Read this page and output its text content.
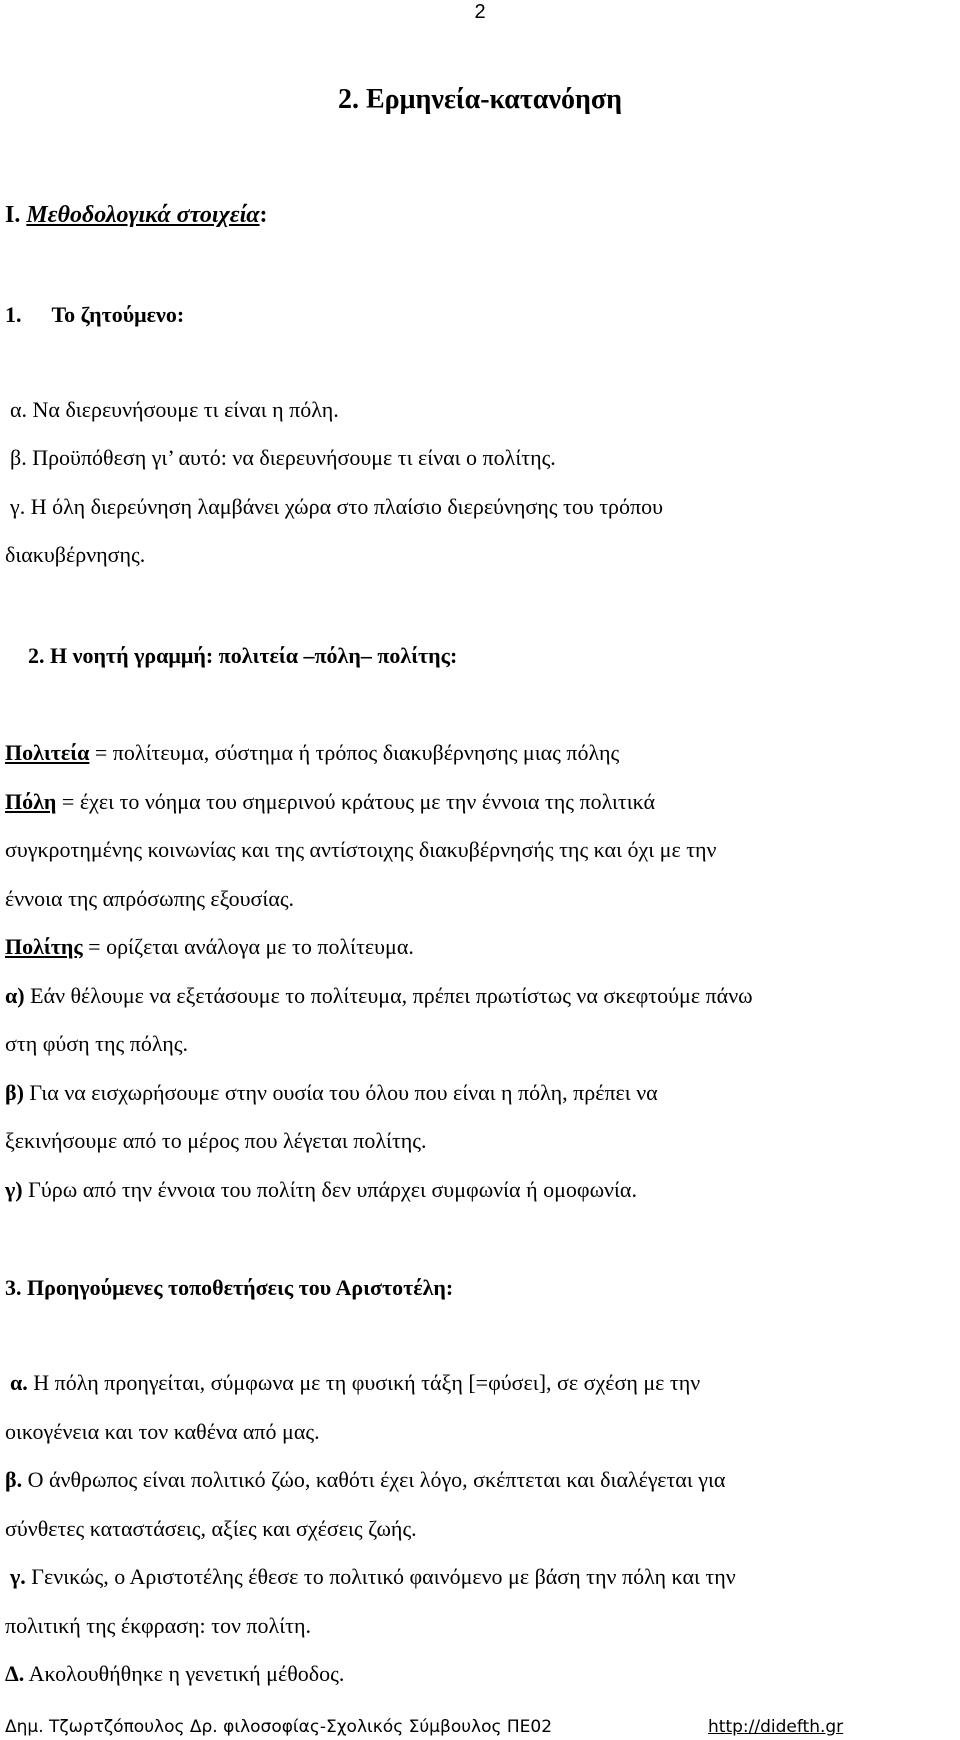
2
2. Ερμηνεία-κατανόηση
I. Μεθοδολογικά στοιχεία:
1. Το ζητούμενο:
α. Να διερευνήσουμε τι είναι η πόλη.
β. Προϋπόθεση γι’ αυτό: να διερευνήσουμε τι είναι ο πολίτης.
γ. Η όλη διερεύνηση λαμβάνει χώρα στο πλαίσιο διερεύνησης του τρόπου
διακυβέρνησης.
2. Η νοητή γραμμή: πολιτεία –πόλη– πολίτης:
Πολιτεία = πολίτευμα, σύστημα ή τρόπος διακυβέρνησης μιας πόλης
Πόλη = έχει το νόημα του σημερινού κράτους με την έννοια της πολιτικά
συγκροτημένης κοινωνίας και της αντίστοιχης διακυβέρνησής της και όχι με την
έννοια της απρόσωπης εξουσίας.
Πολίτης = ορίζεται ανάλογα με το πολίτευμα.
α) Εάν θέλουμε να εξετάσουμε το πολίτευμα, πρέπει πρωτίστως να σκεφτούμε πάνω
στη φύση της πόλης.
β) Για να εισχωρήσουμε στην ουσία του όλου που είναι η πόλη, πρέπει να
ξεκινήσουμε από το μέρος που λέγεται πολίτης.
γ) Γύρω από την έννοια του πολίτη δεν υπάρχει συμφωνία ή ομοφωνία.
3. Προηγούμενες τοποθετήσεις του Αριστοτέλη:
α. Η πόλη προηγείται, σύμφωνα με τη φυσική τάξη [=φύσει], σε σχέση με την
οικογένεια και τον καθένα από μας.
β. Ο άνθρωπος είναι πολιτικό ζώο, καθότι έχει λόγο, σκέπτεται και διαλέγεται για
σύνθετες καταστάσεις, αξίες και σχέσεις ζωής.
γ. Γενικώς, ο Αριστοτέλης έθεσε το πολιτικό φαινόμενο με βάση την πόλη και την
πολιτική της έκφραση: τον πολίτη.
Δ. Ακολουθήθηκε η γενετική μέθοδος.
Δημ. Τζωρτζόπουλος Δρ. φιλοσοφίας-Σχολικός Σύμβουλος ΠΕ02	http://didefth.gr
